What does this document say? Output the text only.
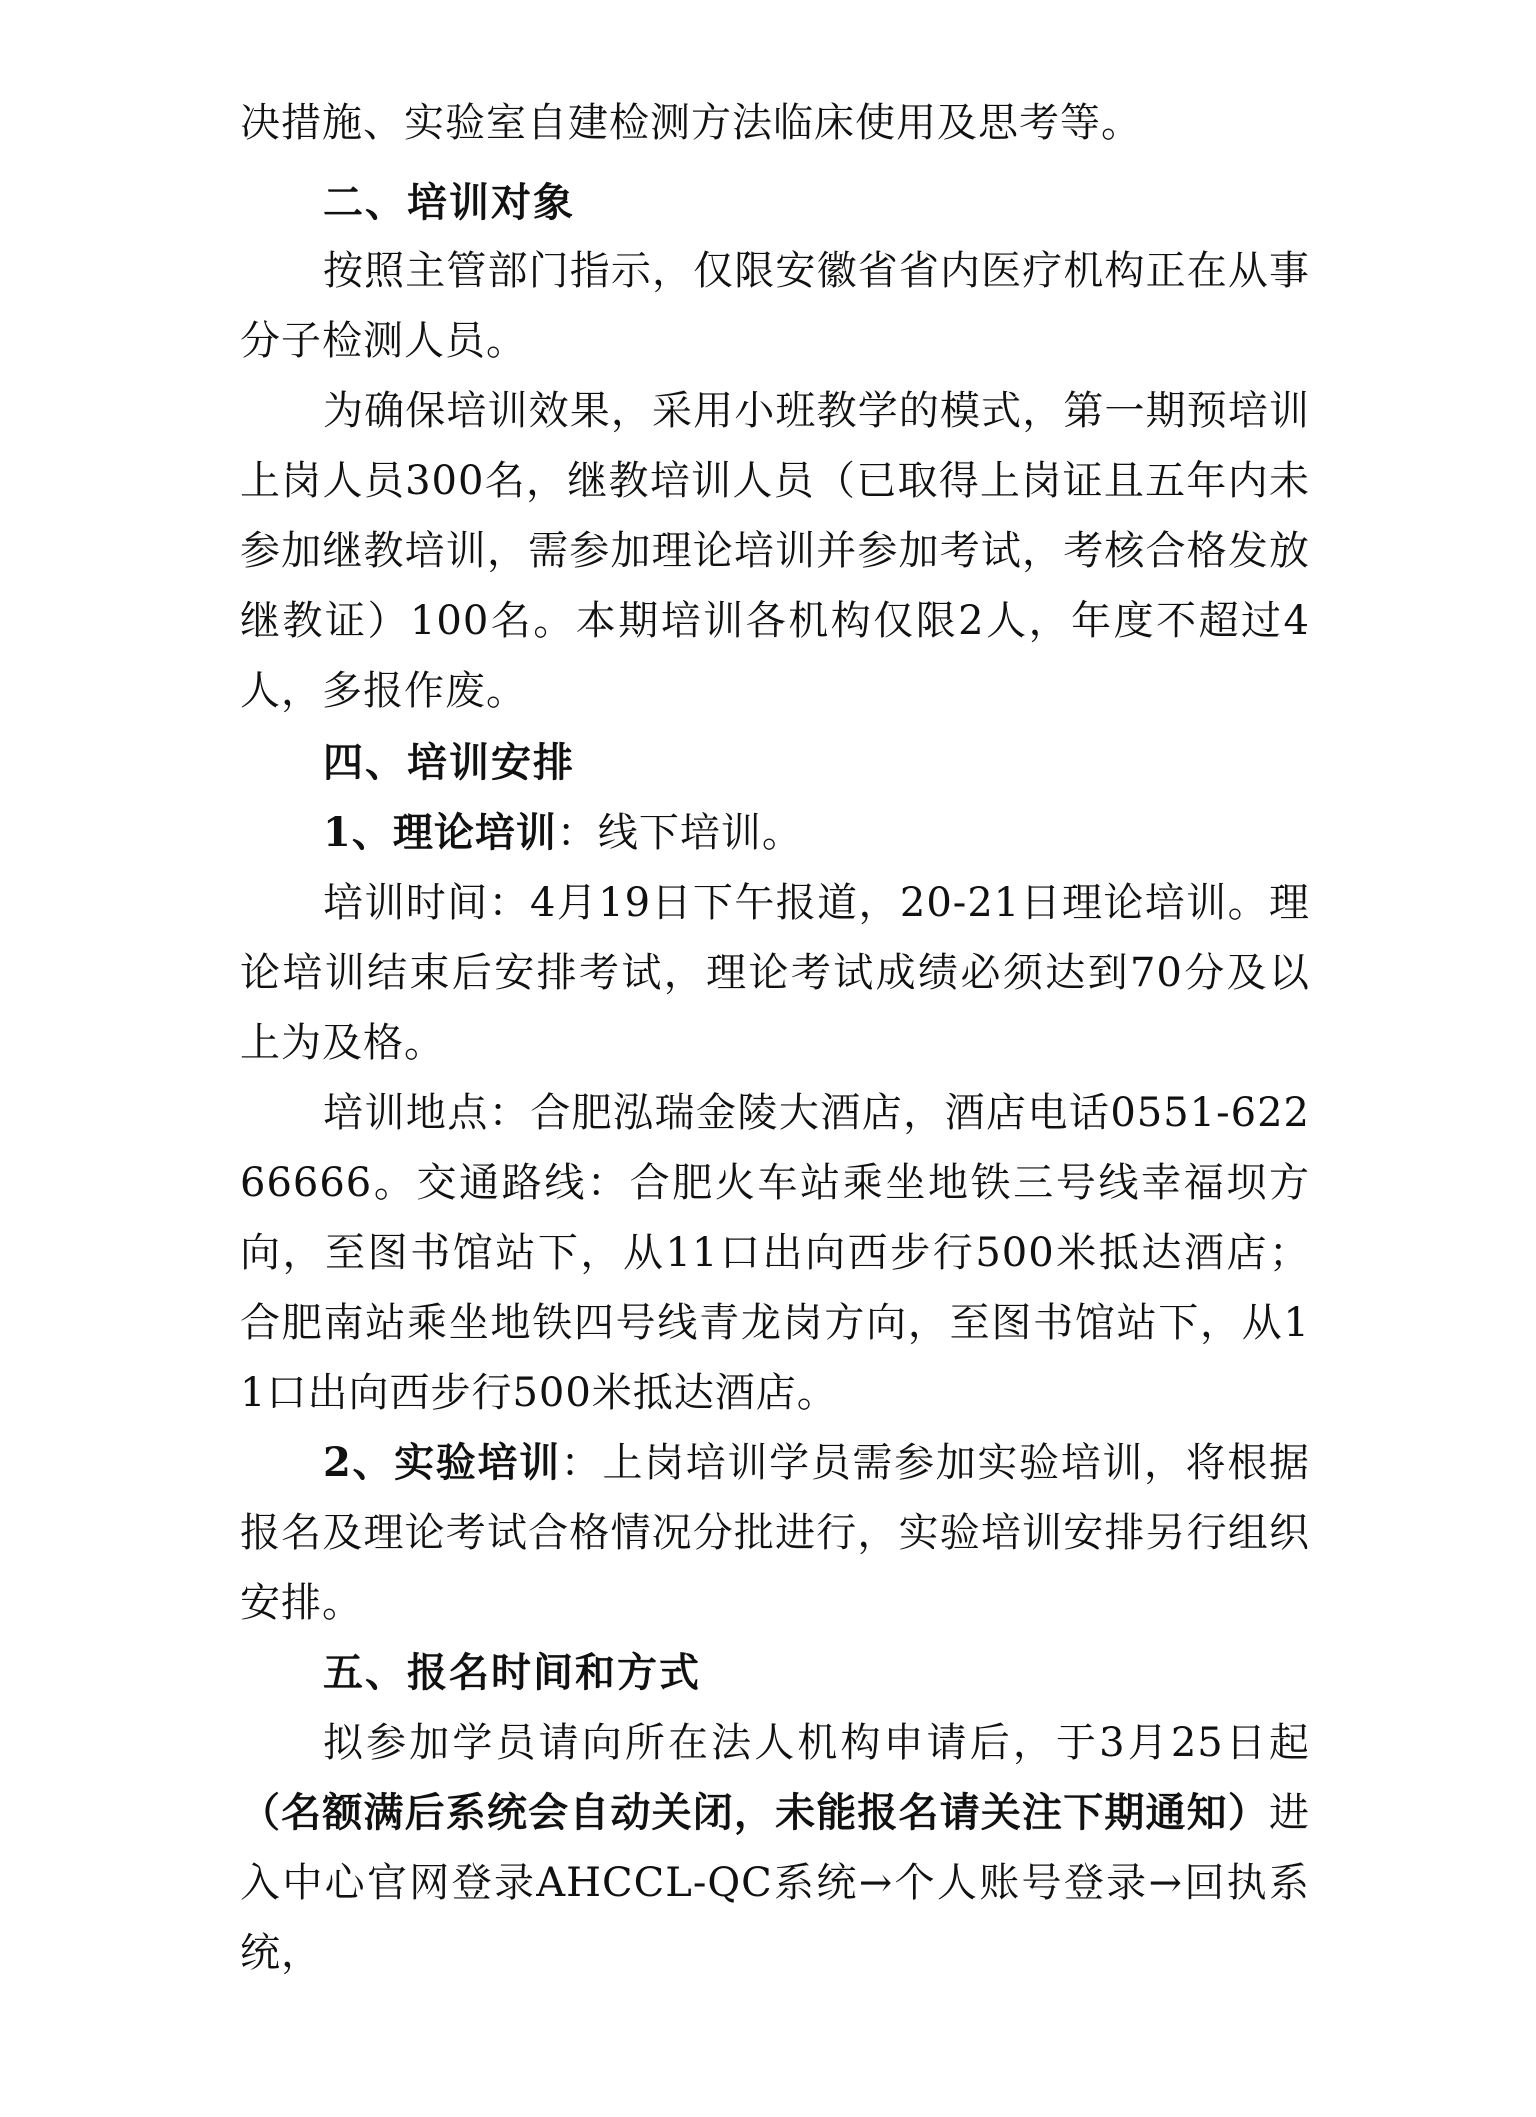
决措施、实验室自建检测方法临床使用及思考等。

二、培训对象

按照主管部门指示，仅限安徽省省内医疗机构正在从事分子检测人员。

为确保培训效果，采用小班教学的模式，第一期预培训上岗人员300名，继教培训人员（已取得上岗证且五年内未参加继教培训，需参加理论培训并参加考试，考核合格发放继教证）100名。本期培训各机构仅限2人，年度不超过4人，多报作废。

四、培训安排

1、理论培训：线下培训。

培训时间：4月19日下午报道，20-21日理论培训。理论培训结束后安排考试，理论考试成绩必须达到70分及以上为及格。

培训地点：合肥泓瑞金陵大酒店，酒店电话0551-62266666。交通路线：合肥火车站乘坐地铁三号线幸福坝方向，至图书馆站下，从11口出向西步行500米抵达酒店；合肥南站乘坐地铁四号线青龙岗方向，至图书馆站下，从11口出向西步行500米抵达酒店。

2、实验培训：上岗培训学员需参加实验培训，将根据报名及理论考试合格情况分批进行，实验培训安排另行组织安排。

五、报名时间和方式

拟参加学员请向所在法人机构申请后，于3月25日起（名额满后系统会自动关闭，未能报名请关注下期通知）进入中心官网登录AHCCL-QC系统→个人账号登录→回执系统，
